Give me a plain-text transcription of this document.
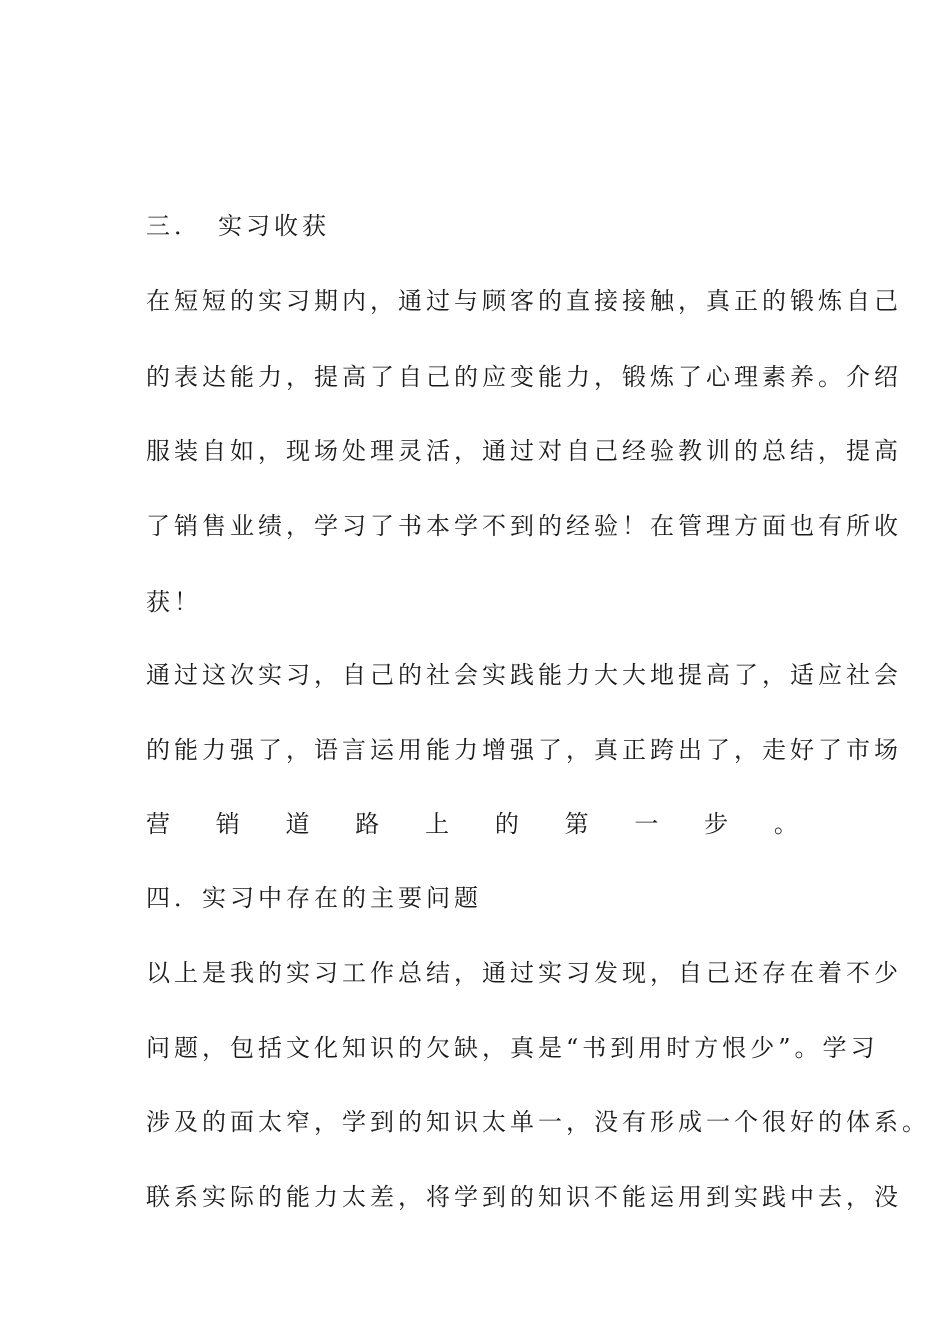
三．　实习收获
在短短的实习期内，通过与顾客的直接接触，真正的锻炼自己
的表达能力，提高了自己的应变能力，锻炼了心理素养。介绍
服装自如，现场处理灵活，通过对自己经验教训的总结，提高
了销售业绩，学习了书本学不到的经验！在管理方面也有所收
获！
通过这次实习，自己的社会实践能力大大地提高了，适应社会
的能力强了，语言运用能力增强了，真正跨出了，走好了市场
营 销 道 路 上 的 第 一 步 。
四．实习中存在的主要问题
以上是我的实习工作总结，通过实习发现，自己还存在着不少
问题，包括文化知识的欠缺，真是“书到用时方恨少”。学习
涉及的面太窄，学到的知识太单一，没有形成一个很好的体系。
联系实际的能力太差，将学到的知识不能运用到实践中去，没
